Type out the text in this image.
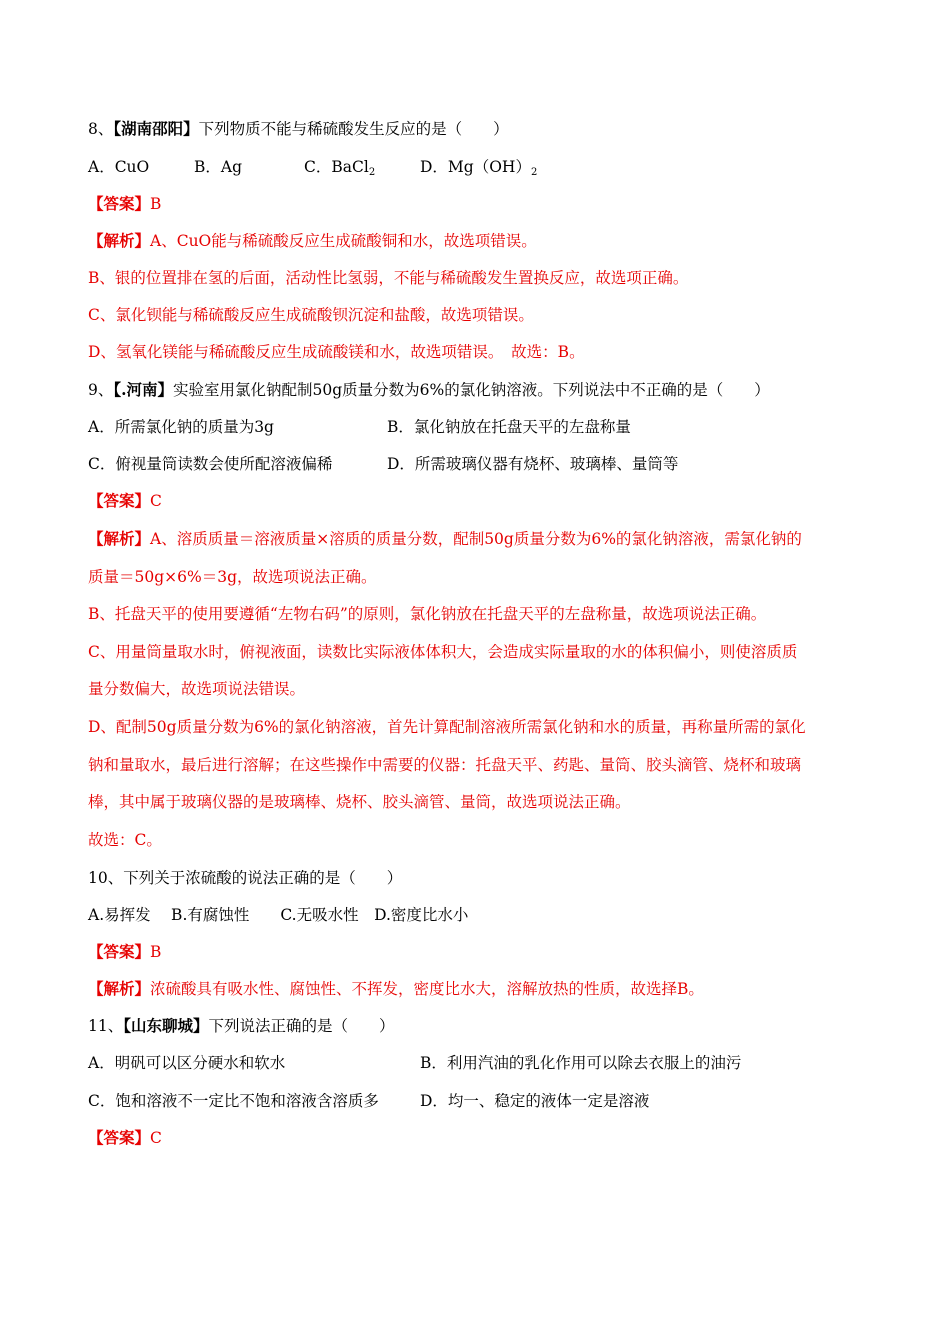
8、【湖南邵阳】下列物质不能与稀硫酸发生反应的是（　　）
A．CuO	B．Ag	C．BaCl$_2$	D．$Mg(OH)_2$
【答案】B
【解析】A、CuO能与稀硫酸反应生成硫酸铜和水，故选项错误。
B、银的位置排在氢的后面，活动性比氢弱，不能与稀硫酸发生置换反应，故选项正确。
C、氯化钡能与稀硫酸反应生成硫酸钡沉淀和盐酸，故选项错误。
D、氢氧化镁能与稀硫酸反应生成硫酸镁和水，故选项错误。　故选：B。
9、【.河南】实验室用氯化钠配制50g质量分数为6%的氯化钠溶液。下列说法中不正确的是（　　）
A．所需氯化钠的质量为3g	B．氯化钠放在托盘天平的左盘称量
C．俯视量筒读数会使所配溶液偏稀	D．所需玻璃仪器有烧杯、玻璃棒、量筒等
【答案】C
【解析】A、溶质质量＝溶液质量×溶质的质量分数，配制50g质量分数为6%的氯化钠溶液，需氯化钠的
质量＝50g×6%＝3g，故选项说法正确。
B、托盘天平的使用要遵循“左物右码”的原则，氯化钠放在托盘天平的左盘称量，故选项说法正确。
C、用量筒量取水时，俯视液面，读数比实际液体体积大，会造成实际量取的水的体积偏小，则使溶质质
量分数偏大，故选项说法错误。
D、配制50g质量分数为6%的氯化钠溶液，首先计算配制溶液所需氯化钠和水的质量，再称量所需的氯化
钠和量取水，最后进行溶解；在这些操作中需要的仪器：托盘天平、药匙、量筒、胶头滴管、烧杯和玻璃
棒，其中属于玻璃仪器的是玻璃棒、烧杯、胶头滴管、量筒，故选项说法正确。
故选：C。
10、下列关于浓硫酸的说法正确的是（　　）
A.易挥发　 B.有腐蚀性　　C.无吸水性　D.密度比水小
【答案】B
【解析】浓硫酸具有吸水性、腐蚀性、不挥发，密度比水大，溶解放热的性质，故选择B。
11、【山东聊城】下列说法正确的是（　　）
A．明矾可以区分硬水和软水	B．利用汽油的乳化作用可以除去衣服上的油污
C．饱和溶液不一定比不饱和溶液含溶质多	D．均一、稳定的液体一定是溶液
【答案】C
